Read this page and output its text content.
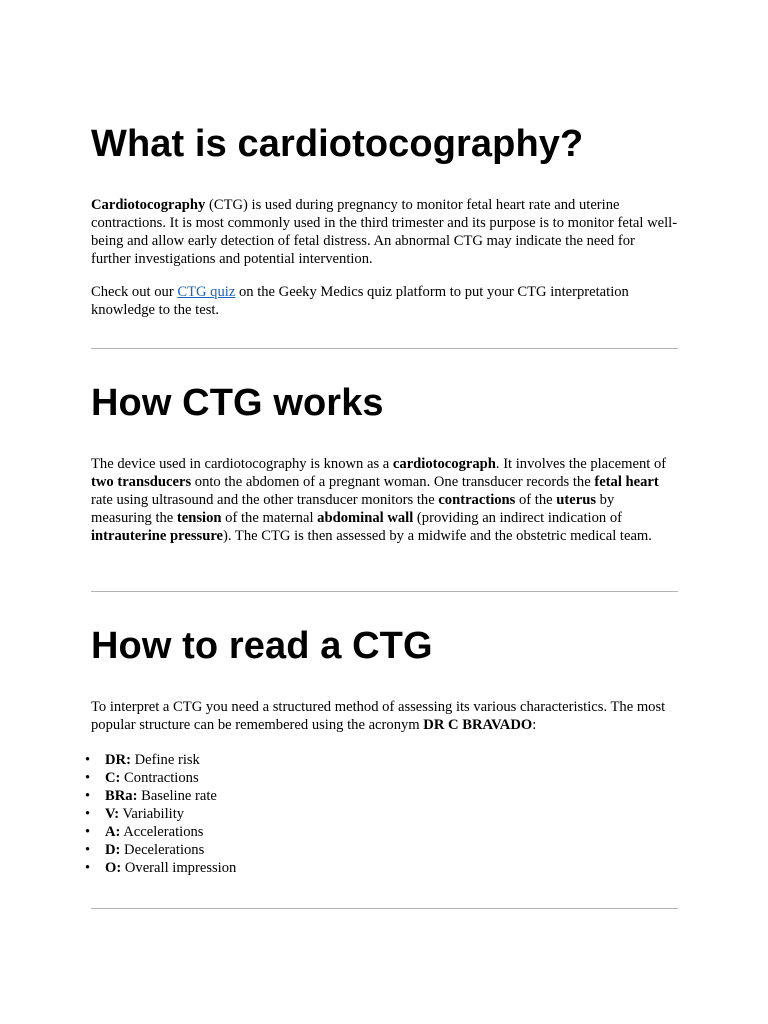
What is cardiotocography?

Cardiotocography (CTG) is used during pregnancy to monitor fetal heart rate and uterine contractions. It is most commonly used in the third trimester and its purpose is to monitor fetal well-being and allow early detection of fetal distress. An abnormal CTG may indicate the need for further investigations and potential intervention.

Check out our CTG quiz on the Geeky Medics quiz platform to put your CTG interpretation knowledge to the test.

How CTG works

The device used in cardiotocography is known as a cardiotocograph. It involves the placement of two transducers onto the abdomen of a pregnant woman. One transducer records the fetal heart rate using ultrasound and the other transducer monitors the contractions of the uterus by measuring the tension of the maternal abdominal wall (providing an indirect indication of intrauterine pressure). The CTG is then assessed by a midwife and the obstetric medical team.

How to read a CTG

To interpret a CTG you need a structured method of assessing its various characteristics. The most popular structure can be remembered using the acronym DR C BRAVADO:

• DR: Define risk
• C: Contractions
• BRa: Baseline rate
• V: Variability
• A: Accelerations
• D: Decelerations
• O: Overall impression
